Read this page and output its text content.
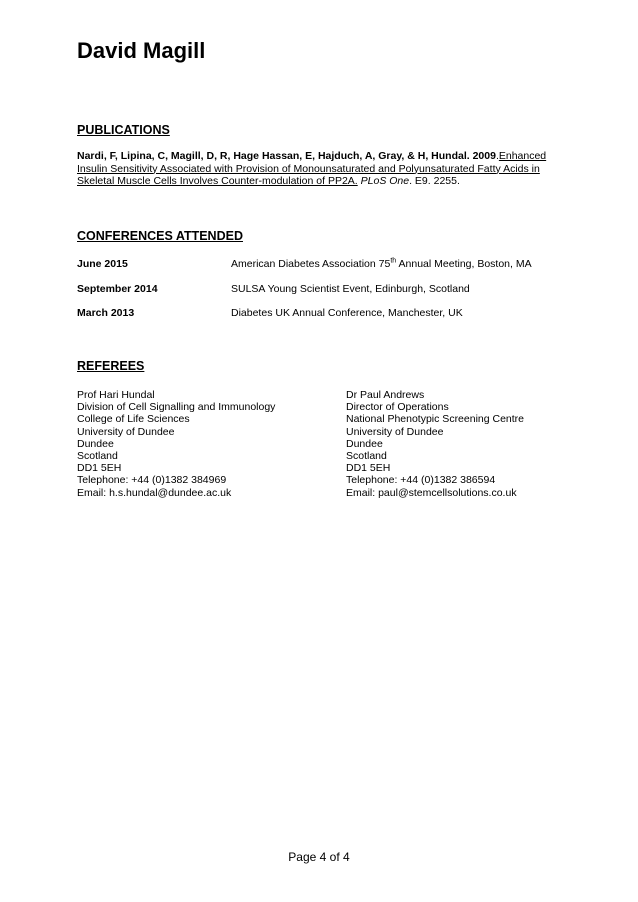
David Magill
PUBLICATIONS
Nardi, F, Lipina, C, Magill, D, R, Hage Hassan, E, Hajduch, A, Gray, & H, Hundal. 2009.Enhanced Insulin Sensitivity Associated with Provision of Monounsaturated and Polyunsaturated Fatty Acids in Skeletal Muscle Cells Involves Counter-modulation of PP2A. PLoS One. E9. 2255.
CONFERENCES ATTENDED
June 2015	American Diabetes Association 75th Annual Meeting, Boston, MA
September 2014	SULSA Young Scientist Event, Edinburgh, Scotland
March 2013	Diabetes UK Annual Conference, Manchester, UK
REFEREES
Prof Hari Hundal
Division of Cell Signalling and Immunology
College of Life Sciences
University of Dundee
Dundee
Scotland
DD1 5EH
Telephone: +44 (0)1382 384969
Email: h.s.hundal@dundee.ac.uk
Dr Paul Andrews
Director of Operations
National Phenotypic Screening Centre
University of Dundee
Dundee
Scotland
DD1 5EH
Telephone: +44 (0)1382 386594
Email: paul@stemcellsolutions.co.uk
Page 4 of 4
